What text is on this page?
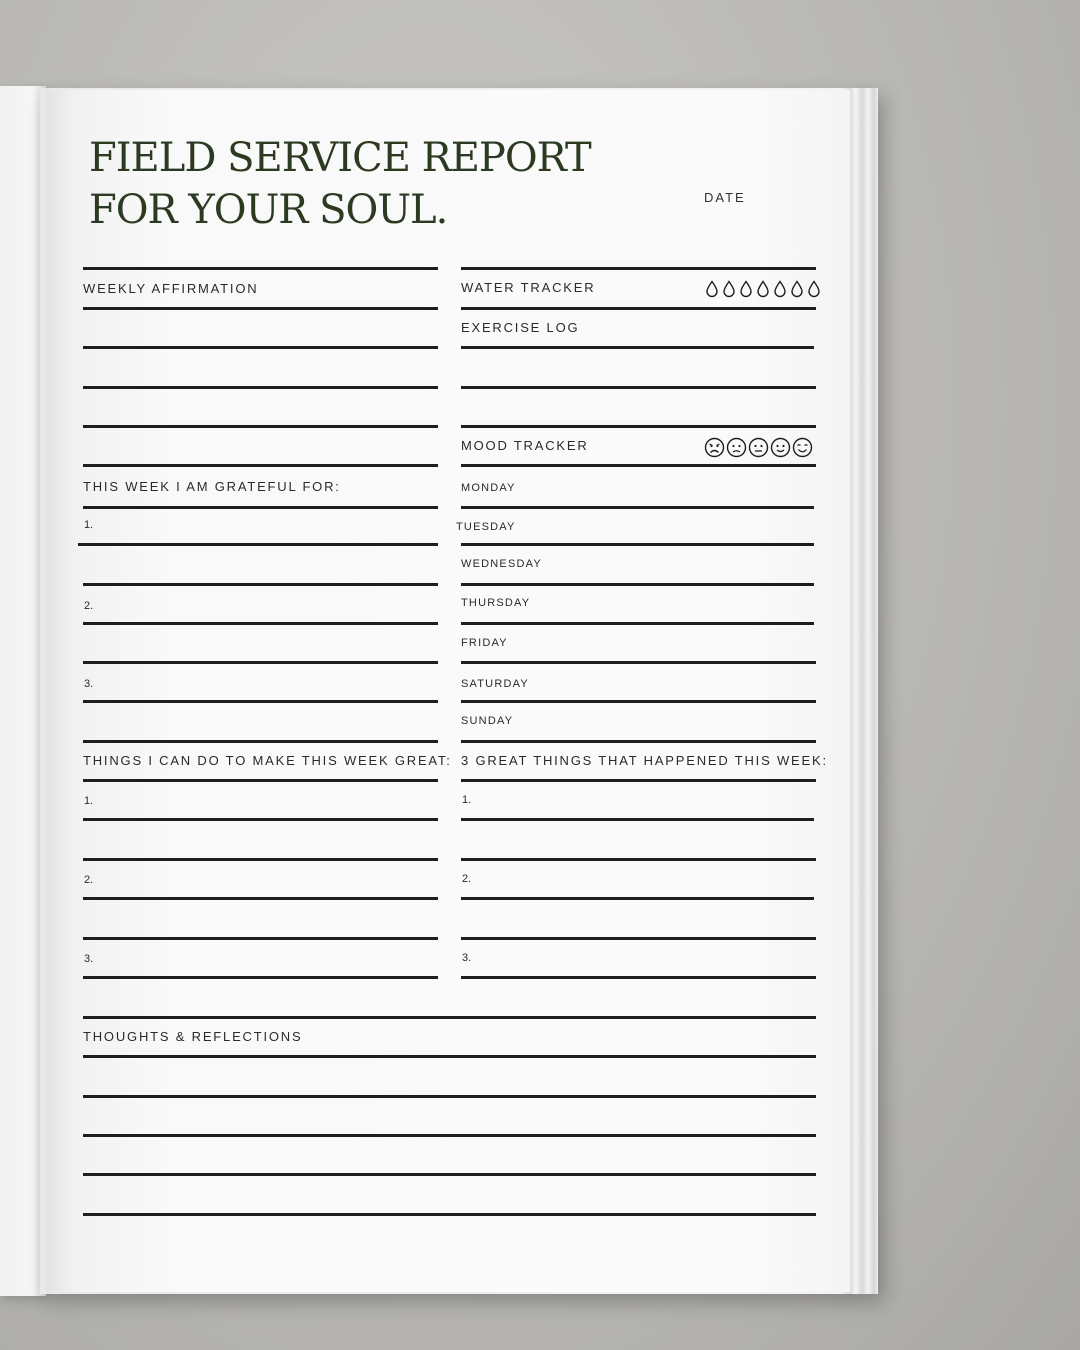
FIELD SERVICE REPORT
FOR YOUR SOUL.	DATE
WEEKLY AFFIRMATION
THIS WEEK I AM GRATEFUL FOR:
1.
2.
3.
THINGS I CAN DO TO MAKE THIS WEEK GREAT:
1.
2.
3.
WATER TRACKER
EXERCISE LOG
MOOD TRACKER
MONDAY
TUESDAY
WEDNESDAY
THURSDAY
FRIDAY
SATURDAY
SUNDAY
3 GREAT THINGS THAT HAPPENED THIS WEEK:
1.
2.
3.
THOUGHTS & REFLECTIONS
